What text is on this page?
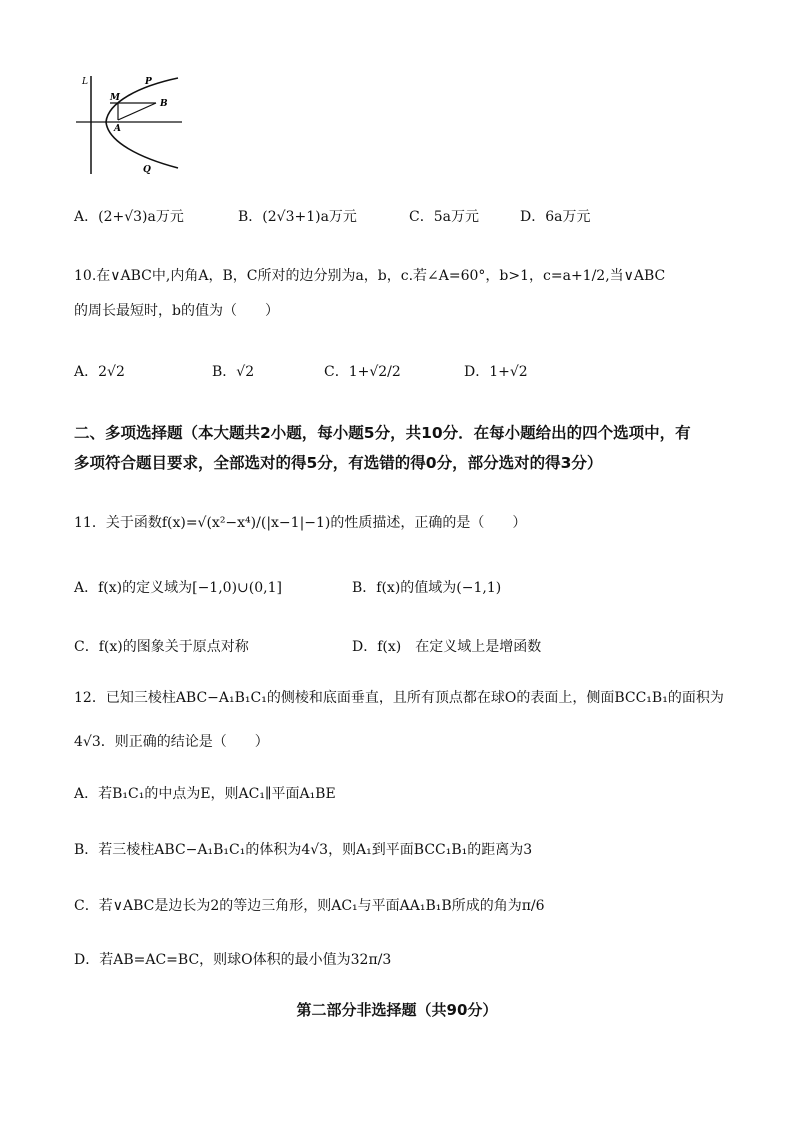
L	P
M
B
A
Q
A．(2+√3)a万元	B．(2√3+1)a万元	C．5a万元	D．6a万元
10.在∨ABC中,内角A，B，C所对的边分别为a，b，c.若∠A=60°，b>1，c=a+1/2,当∨ABC
的周长最短时，b的值为（　　）
A．2√2	B．√2	C．1+√2/2	D．1+√2
二、多项选择题（本大题共2小题，每小题5分，共10分．在每小题给出的四个选项中，有
多项符合题目要求，全部选对的得5分，有选错的得0分，部分选对的得3分）
11．关于函数f(x)=√(x²−x⁴)/(|x−1|−1)的性质描述，正确的是（　　）
A．f(x)的定义域为[−1,0)∪(0,1]	B．f(x)的值域为(−1,1)
C．f(x)的图象关于原点对称	D．f(x)　在定义域上是增函数
12．已知三棱柱ABC−A₁B₁C₁的侧棱和底面垂直，且所有顶点都在球O的表面上，侧面BCC₁B₁的面积为
4√3．则正确的结论是（　　）
A．若B₁C₁的中点为E，则AC₁∥平面A₁BE
B．若三棱柱ABC−A₁B₁C₁的体积为4√3，则A₁到平面BCC₁B₁的距离为3
C．若∨ABC是边长为2的等边三角形，则AC₁与平面AA₁B₁B所成的角为π/6
D．若AB=AC=BC，则球O体积的最小值为32π/3
第二部分非选择题（共90分）
